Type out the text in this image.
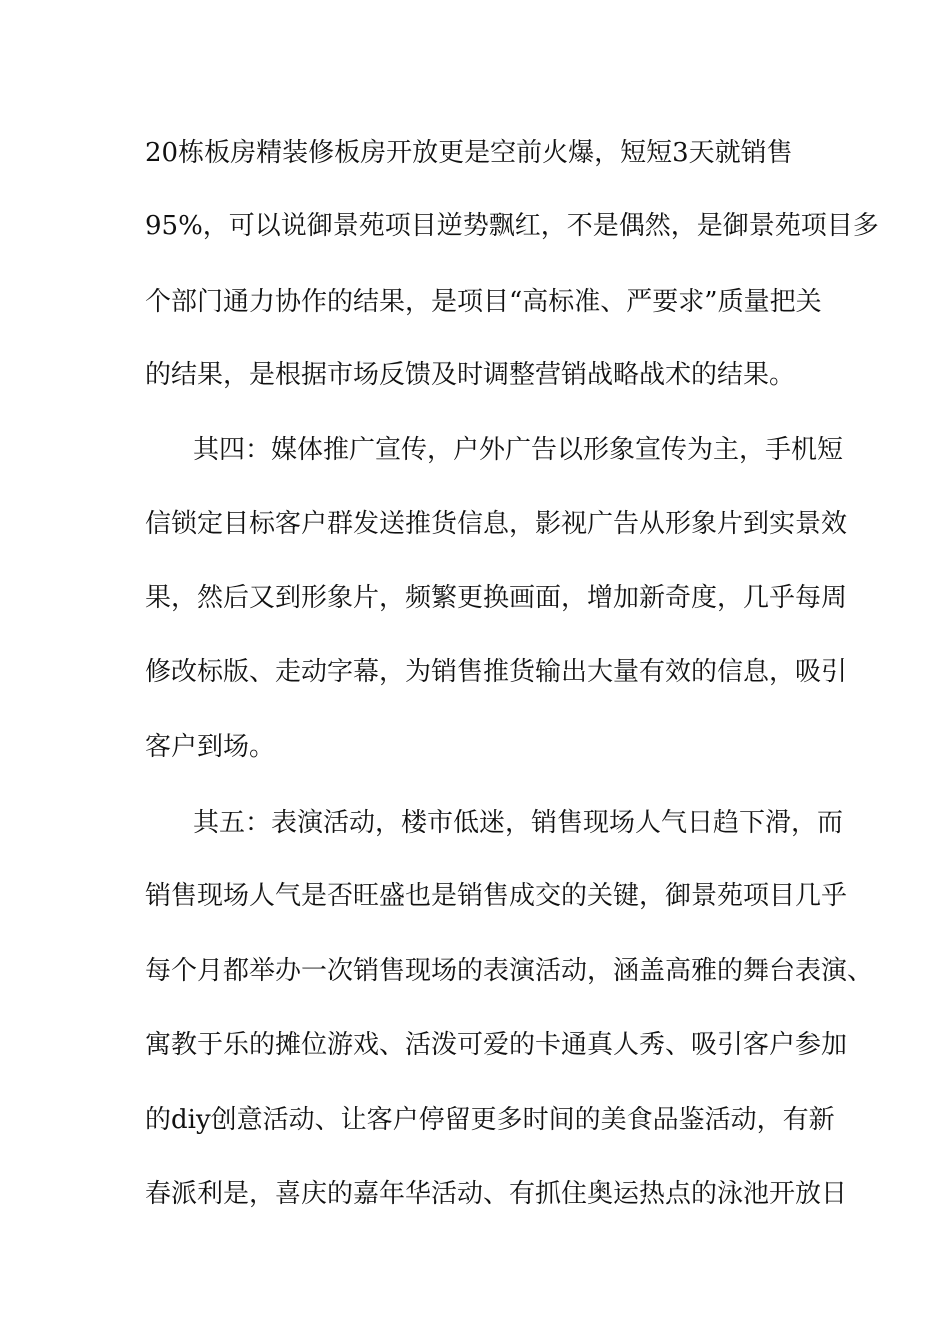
20栋板房精装修板房开放更是空前火爆，短短3天就销售
95%，可以说御景苑项目逆势飘红，不是偶然，是御景苑项目多
个部门通力协作的结果，是项目“高标准、严要求”质量把关
的结果，是根据市场反馈及时调整营销战略战术的结果。
其四：媒体推广宣传，户外广告以形象宣传为主，手机短
信锁定目标客户群发送推货信息，影视广告从形象片到实景效
果，然后又到形象片，频繁更换画面，增加新奇度，几乎每周
修改标版、走动字幕，为销售推货输出大量有效的信息，吸引
客户到场。
其五：表演活动，楼市低迷，销售现场人气日趋下滑，而
销售现场人气是否旺盛也是销售成交的关键，御景苑项目几乎
每个月都举办一次销售现场的表演活动，涵盖高雅的舞台表演、
寓教于乐的摊位游戏、活泼可爱的卡通真人秀、吸引客户参加
的diy创意活动、让客户停留更多时间的美食品鉴活动，有新
春派利是，喜庆的嘉年华活动、有抓住奥运热点的泳池开放日
